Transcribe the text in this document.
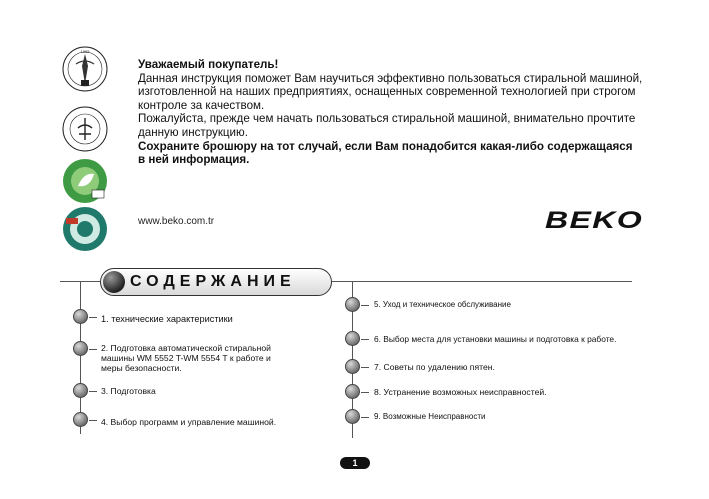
1955

Уважаемый покупатель!

Данная инструкция поможет Вам научиться эффективно пользоваться стиральной машиной,

изготовленной на наших предприятиях, оснащенных современной технологией при строгом

контроле за качеством.

Пожалуйста, прежде чем начать пользоваться стиральной машиной, внимательно прочтите

данную инструкцию.

Сохраните брошюру на тот случай, если Вам понадобится какая-либо содержащаяся

в ней информация.

www.beko.com.tr	BEKO
СОДЕРЖАНИЕ
1. технические характеристики
2. Подготовка автоматической стиральной
машины WM 5552 T-WM 5554 T к работе и
меры безопасности.
3. Подготовка
4. Выбор программ и управление машиной.
5. Уход и техническое обслуживание
6. Выбор места для установки машины и подготовка к работе.
7. Советы по удалению пятен.
8. Устранение возможных неисправностей.
9. Возможные Неисправности
1
